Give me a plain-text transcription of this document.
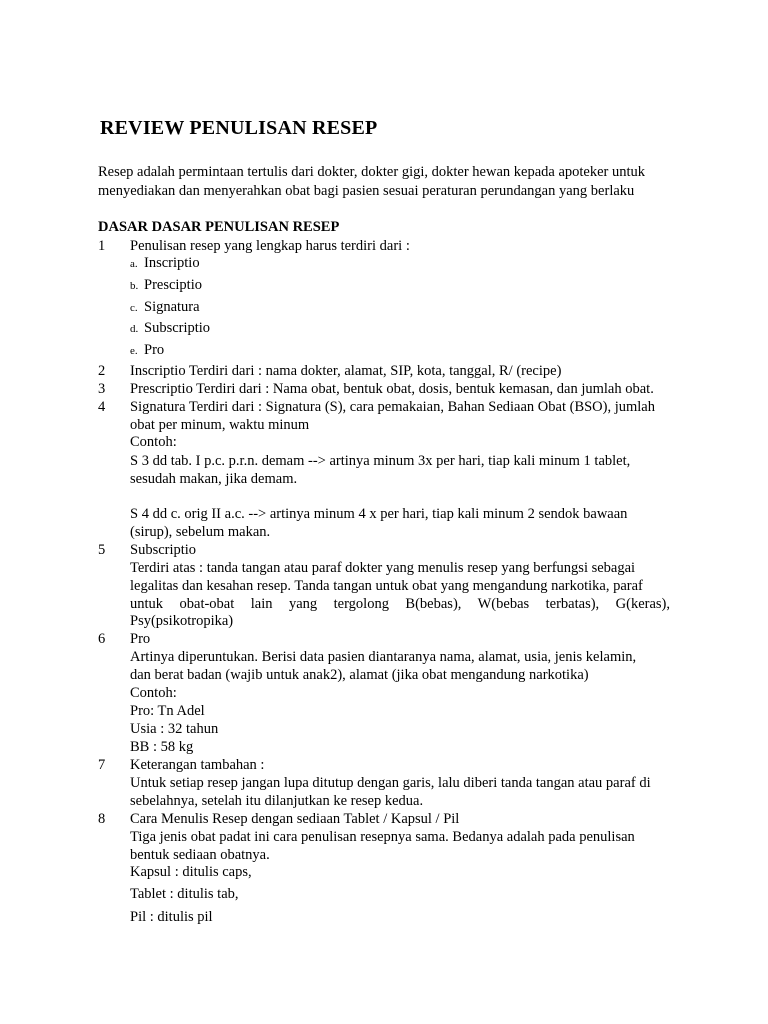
REVIEW PENULISAN RESEP
Resep adalah permintaan tertulis dari dokter, dokter gigi, dokter hewan kepada apoteker untuk
menyediakan dan menyerahkan obat bagi pasien sesuai peraturan perundangan yang berlaku
DASAR DASAR PENULISAN RESEP
1	Penulisan resep yang lengkap harus terdiri dari :
a. Inscriptio
b. Presciptio
c. Signatura
d. Subscriptio
e. Pro
2	Inscriptio Terdiri dari : nama dokter, alamat, SIP, kota, tanggal, R/ (recipe)
3	Prescriptio Terdiri dari : Nama obat, bentuk obat, dosis, bentuk kemasan, dan jumlah obat.
4	Signatura Terdiri dari : Signatura (S), cara pemakaian, Bahan Sediaan Obat (BSO), jumlah
obat per minum, waktu minum
Contoh:
S 3 dd tab. I p.c. p.r.n. demam --> artinya minum 3x per hari, tiap kali minum 1 tablet,
sesudah makan, jika demam.
S 4 dd c. orig II a.c. --> artinya minum 4 x per hari, tiap kali minum 2 sendok bawaan
(sirup), sebelum makan.
5	Subscriptio
Terdiri atas : tanda tangan atau paraf dokter yang menulis resep yang berfungsi sebagai
legalitas dan kesahan resep. Tanda tangan untuk obat yang mengandung narkotika, paraf
untuk obat-obat lain yang tergolong B(bebas), W(bebas terbatas), G(keras),
Psy(psikotropika)
6	Pro
Artinya diperuntukan. Berisi data pasien diantaranya nama, alamat, usia, jenis kelamin,
dan berat badan (wajib untuk anak2), alamat (jika obat mengandung narkotika)
Contoh:
Pro: Tn Adel
Usia : 32 tahun
BB : 58 kg
7	Keterangan tambahan :
Untuk setiap resep jangan lupa ditutup dengan garis, lalu diberi tanda tangan atau paraf di
sebelahnya, setelah itu dilanjutkan ke resep kedua.
8	Cara Menulis Resep dengan sediaan Tablet / Kapsul / Pil
Tiga jenis obat padat ini cara penulisan resepnya sama. Bedanya adalah pada penulisan
bentuk sediaan obatnya.
Kapsul : ditulis caps,
Tablet : ditulis tab,
Pil : ditulis pil
